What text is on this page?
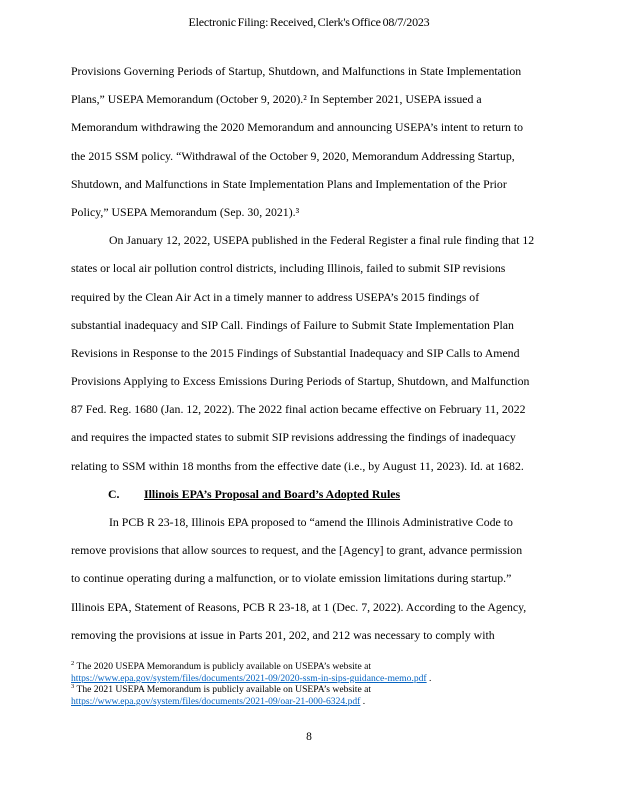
Electronic Filing: Received, Clerk's Office 08/7/2023
Provisions Governing Periods of Startup, Shutdown, and Malfunctions in State Implementation
Plans,” USEPA Memorandum (October 9, 2020).² In September 2021, USEPA issued a
Memorandum withdrawing the 2020 Memorandum and announcing USEPA’s intent to return to
the 2015 SSM policy. “Withdrawal of the October 9, 2020, Memorandum Addressing Startup,
Shutdown, and Malfunctions in State Implementation Plans and Implementation of the Prior
Policy,” USEPA Memorandum (Sep. 30, 2021).³
On January 12, 2022, USEPA published in the Federal Register a final rule finding that 12
states or local air pollution control districts, including Illinois, failed to submit SIP revisions
required by the Clean Air Act in a timely manner to address USEPA’s 2015 findings of
substantial inadequacy and SIP Call. Findings of Failure to Submit State Implementation Plan
Revisions in Response to the 2015 Findings of Substantial Inadequacy and SIP Calls to Amend
Provisions Applying to Excess Emissions During Periods of Startup, Shutdown, and Malfunction
87 Fed. Reg. 1680 (Jan. 12, 2022). The 2022 final action became effective on February 11, 2022
and requires the impacted states to submit SIP revisions addressing the findings of inadequacy
relating to SSM within 18 months from the effective date (i.e., by August 11, 2023). Id. at 1682.
C. Illinois EPA’s Proposal and Board’s Adopted Rules
In PCB R 23-18, Illinois EPA proposed to “amend the Illinois Administrative Code to
remove provisions that allow sources to request, and the [Agency] to grant, advance permission
to continue operating during a malfunction, or to violate emission limitations during startup.”
Illinois EPA, Statement of Reasons, PCB R 23-18, at 1 (Dec. 7, 2022). According to the Agency,
removing the provisions at issue in Parts 201, 202, and 212 was necessary to comply with
$^2$ The 2020 USEPA Memorandum is publicly available on USEPA’s website at
https://www.epa.gov/system/files/documents/2021-09/2020-ssm-in-sips-guidance-memo.pdf .
$^3$ The 2021 USEPA Memorandum is publicly available on USEPA’s website at
https://www.epa.gov/system/files/documents/2021-09/oar-21-000-6324.pdf .
8
